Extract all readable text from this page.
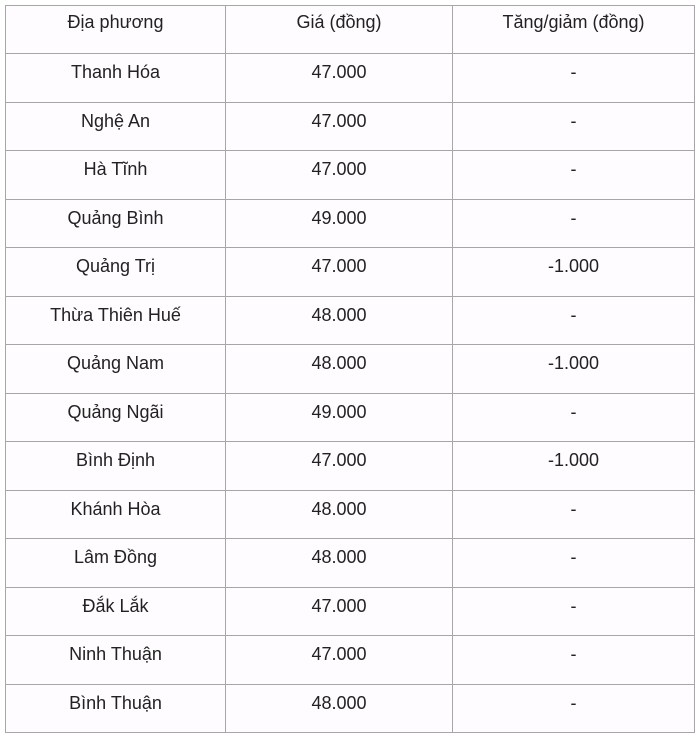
Địa phương	Giá (đồng)	Tăng/giảm (đồng)
Thanh Hóa	47.000	-
Nghệ An	47.000	-
Hà Tĩnh	47.000	-
Quảng Bình	49.000	-
Quảng Trị	47.000	-1.000
Thừa Thiên Huế	48.000	-
Quảng Nam	48.000	-1.000
Quảng Ngãi	49.000	-
Bình Định	47.000	-1.000
Khánh Hòa	48.000	-
Lâm Đồng	48.000	-
Đắk Lắk	47.000	-
Ninh Thuận	47.000	-
Bình Thuận	48.000	-
